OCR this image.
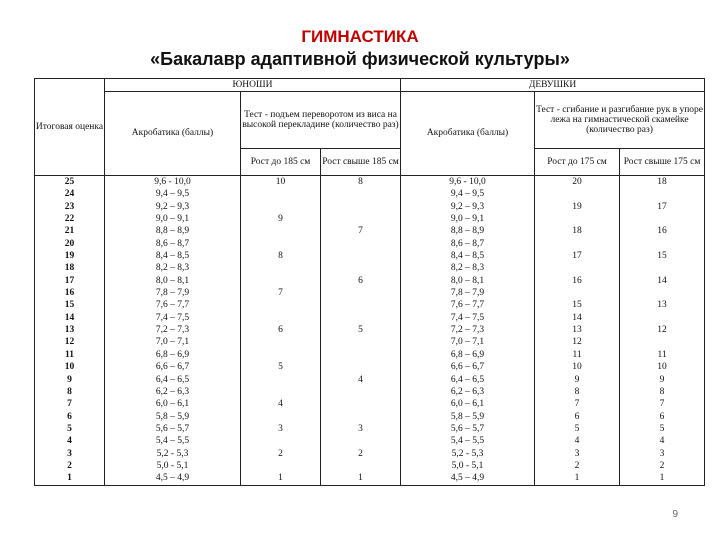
ГИМНАСТИКА
«Бакалавр адаптивной физической культуры»
Итоговая оценка	ЮНОШИ			ДЕВУШКИ		
	Акробатика (баллы)	Тест - подъем переворотом из виса на высокой перекладине (количество раз)		Акробатика (баллы)	Тест - сгибание и разгибание рук в упоре лежа на гимнастической скамейке (количество раз)	
		Рост до 185 см	Рост свыше 185 см		Рост до 175 см	Рост свыше 175 см
25	9,6 - 10,0	10	8	9,6 - 10,0	20	18
24	9,4 – 9,5			9,4 – 9,5		
23	9,2 – 9,3			9,2 – 9,3	19	17
22	9,0 – 9,1	9		9,0 – 9,1		
21	8,8 – 8,9		7	8,8 – 8,9	18	16
20	8,6 – 8,7			8,6 – 8,7		
19	8,4 – 8,5	8		8,4 – 8,5	17	15
18	8,2 – 8,3			8,2 – 8,3		
17	8,0 – 8,1		6	8,0 – 8,1	16	14
16	7,8 – 7,9	7		7,8 – 7,9		
15	7,6 – 7,7			7,6 – 7,7	15	13
14	7,4 – 7,5			7,4 – 7,5	14	
13	7,2 – 7,3	6	5	7,2 – 7,3	13	12
12	7,0 – 7,1			7,0 – 7,1	12	
11	6,8 – 6,9			6,8 – 6,9	11	11
10	6,6 – 6,7	5		6,6 – 6,7	10	10
9	6,4 – 6,5		4	6,4 – 6,5	9	9
8	6,2 – 6,3			6,2 – 6,3	8	8
7	6,0 – 6,1	4		6,0 – 6,1	7	7
6	5,8 – 5,9			5,8 – 5,9	6	6
5	5,6 – 5,7	3	3	5,6 – 5,7	5	5
4	5,4 – 5,5			5,4 – 5,5	4	4
3	5,2 - 5,3	2	2	5,2 - 5,3	3	3
2	5,0 - 5,1			5,0 - 5,1	2	2
1	4,5 – 4,9	1	1	4,5 – 4,9	1	1
9
